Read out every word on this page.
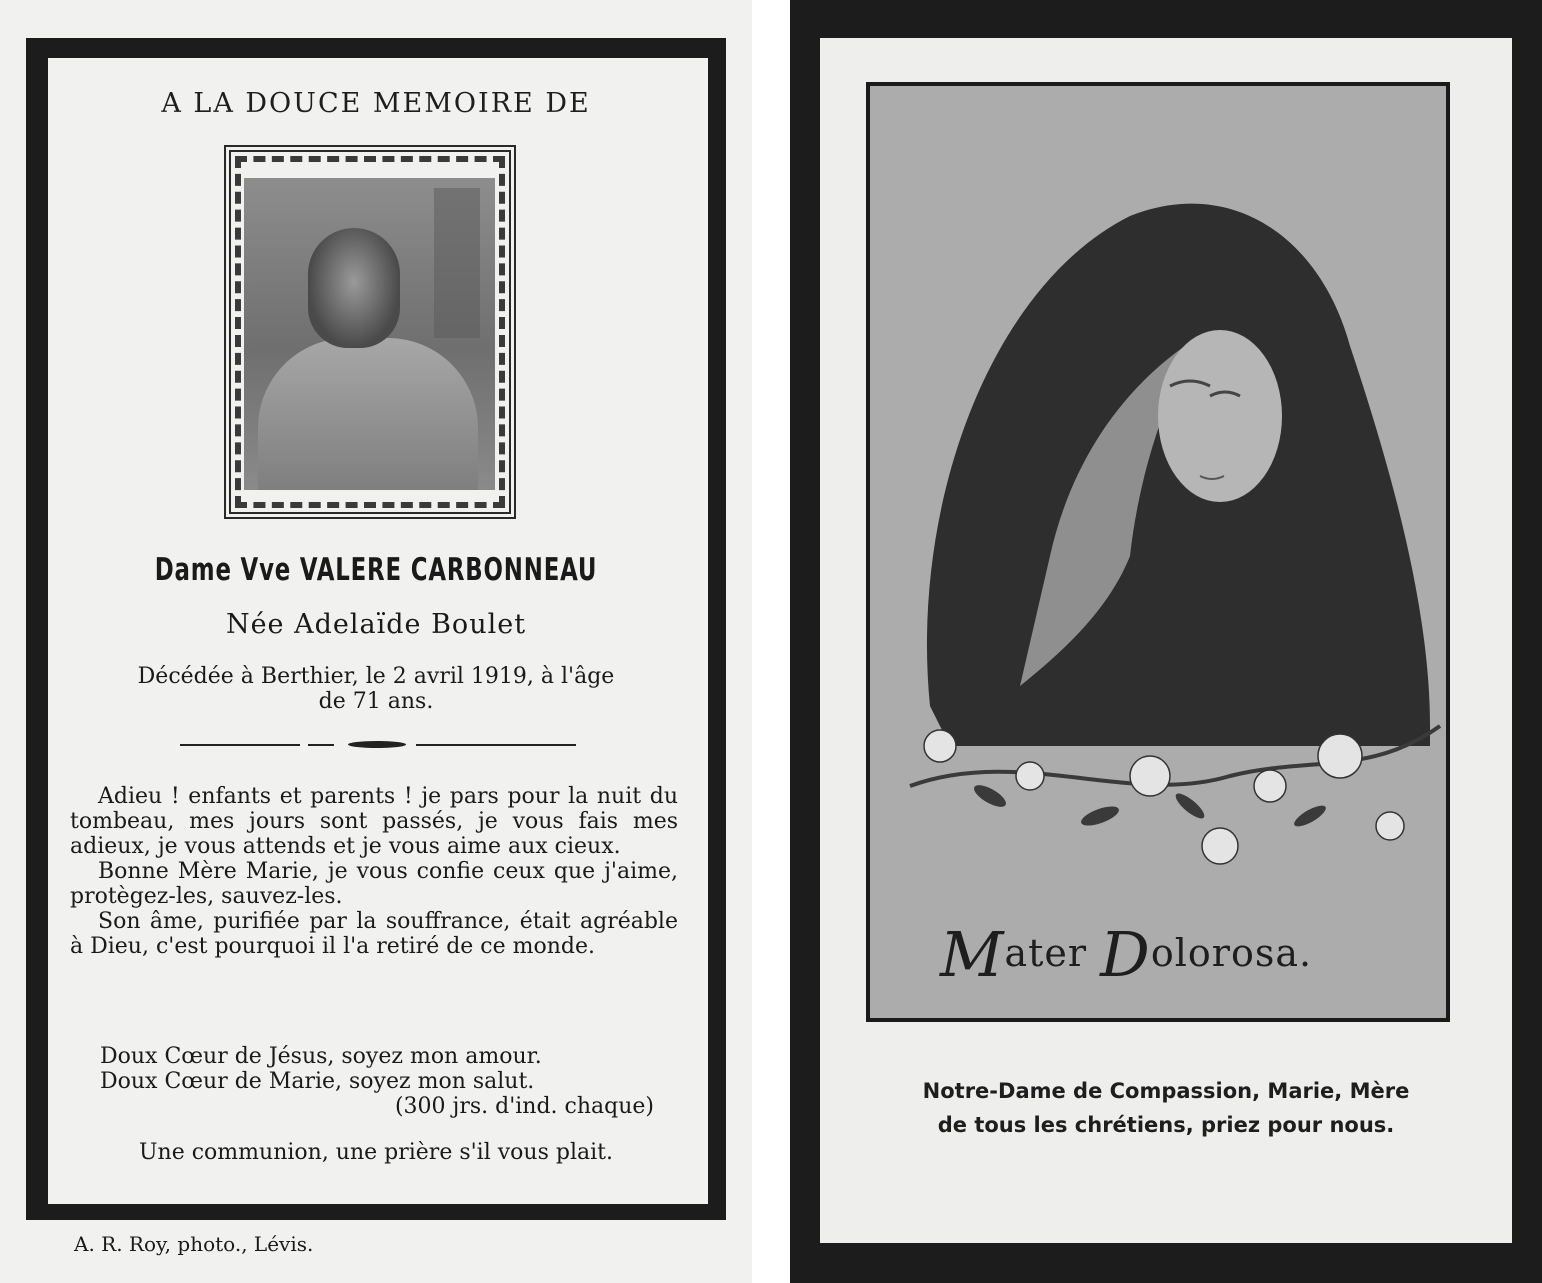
A LA DOUCE MEMOIRE DE
Dame Vve VALERE CARBONNEAU
Née Adelaïde Boulet
Décédée à Berthier, le 2 avril 1919, à l'âge
de 71 ans.

Adieu ! enfants et parents ! je pars pour la nuit du tombeau, mes jours sont passés, je vous fais mes adieux, je vous attends et je vous aime aux cieux.

Bonne Mère Marie, je vous confie ceux que j'aime, protègez-les, sauvez-les.

Son âme, purifiée par la souffrance, était agréable à Dieu, c'est pourquoi il l'a retiré de ce monde.

Doux Cœur de Jésus, soyez mon amour.
Doux Cœur de Marie, soyez mon salut.
(300 jrs. d'ind. chaque)
Une communion, une prière s'il vous plait.
A. R. Roy, photo., Lévis.
Mater Dolorosa.
Notre-Dame de Compassion, Marie, Mère
de tous les chrétiens, priez pour nous.
